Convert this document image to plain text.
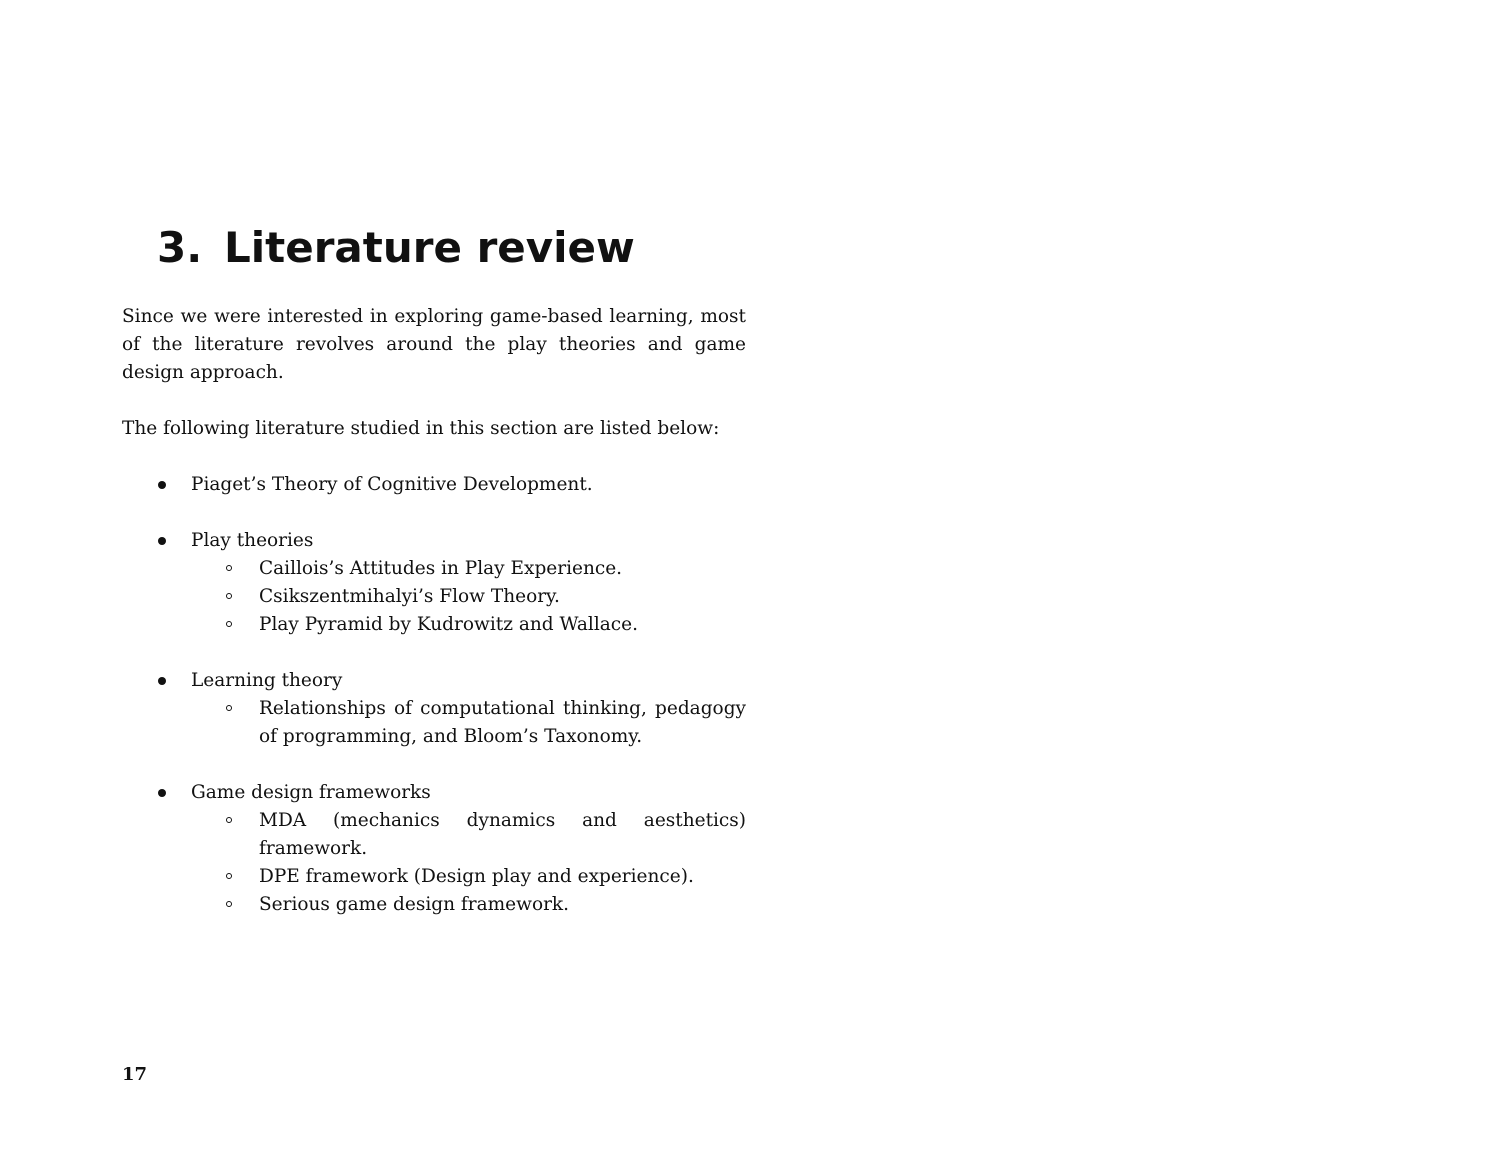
3. Literature review

Since we were interested in exploring game-based learning, most of the literature revolves around the play theories and game design approach.

The following literature studied in this section are listed below:

Piaget’s Theory of Cognitive Development.
Play theories
Caillois’s Attitudes in Play Experience.
Csikszentmihalyi’s Flow Theory.
Play Pyramid by Kudrowitz and Wallace.
Learning theory
Relationships of computational thinking, pedagogy of programming, and Bloom’s Taxonomy.
Game design frameworks
MDA (mechanics dynamics and aesthetics) framework.
DPE framework (Design play and experience).
Serious game design framework.

17
